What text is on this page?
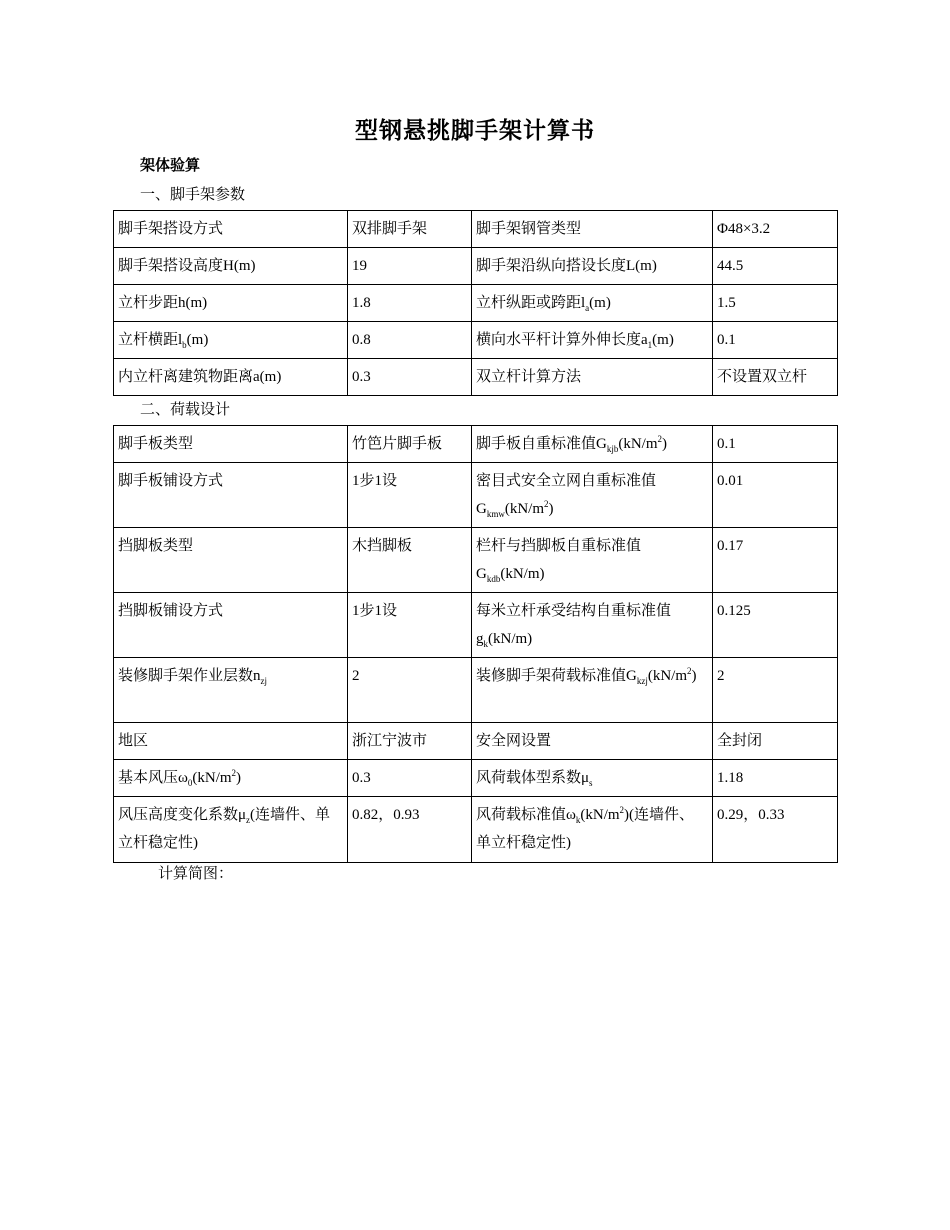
型钢悬挑脚手架计算书
架体验算
一、脚手架参数
脚手架搭设方式	双排脚手架	脚手架钢管类型	Φ48×3.2
脚手架搭设高度H(m)	19	脚手架沿纵向搭设长度L(m)	44.5
立杆步距h(m)	1.8	立杆纵距或跨距$l_a(m)$	1.5
立杆横距$l_b(m)$	0.8	横向水平杆计算外伸长度$a_1(m)$	0.1
内立杆离建筑物距离a(m)	0.3	双立杆计算方法	不设置双立杆
二、荷载设计
脚手板类型	竹笆片脚手板	脚手板自重标准值$G_{kjb}(kN/m^2)$	0.1
脚手板铺设方式	1步1设	密目式安全立网自重标准值$G_{kmw}(kN/m^2)$	0.01
挡脚板类型	木挡脚板	栏杆与挡脚板自重标准值$G_{kdb}(kN/m)$	0.17
挡脚板铺设方式	1步1设	每米立杆承受结构自重标准值$g_k(kN/m)$	0.125
装修脚手架作业层数$n_{zj}$	2	装修脚手架荷载标准值$G_{kzj}(kN/m^2)$	2
地区	浙江宁波市	安全网设置	全封闭
基本风压$\omega_0(kN/m^2)$	0.3	风荷载体型系数$\mu_s$	1.18
风压高度变化系数$\mu_z$(连墙件、单立杆稳定性)	0.82，0.93	风荷载标准值$\omega_k(kN/m^2)$(连墙件、单立杆稳定性)	0.29，0.33
计算简图：
